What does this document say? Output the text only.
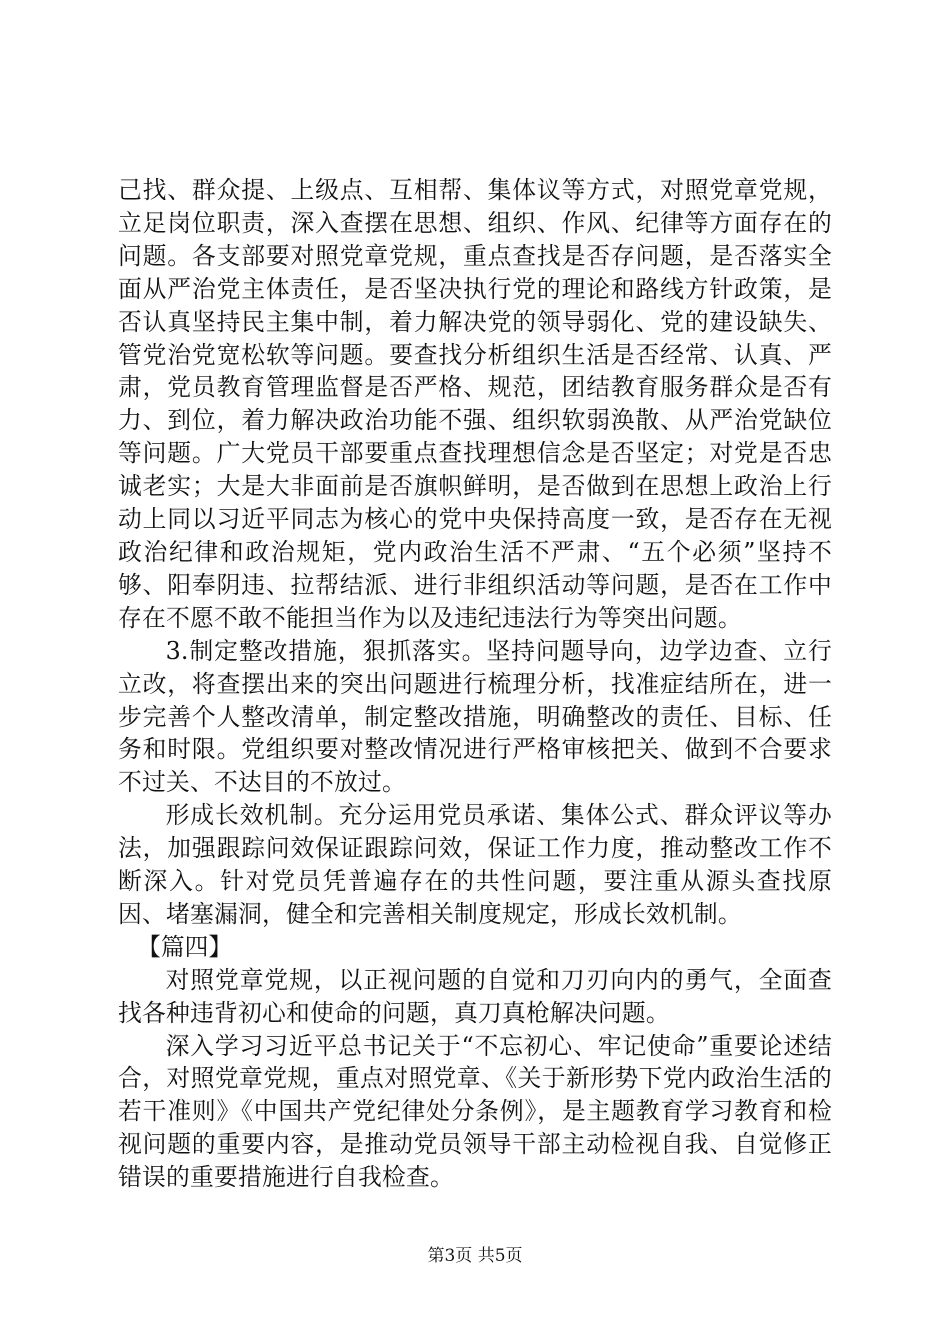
己找、群众提、上级点、互相帮、集体议等方式，对照党章党规，立足岗位职责，深入查摆在思想、组织、作风、纪律等方面存在的问题。各支部要对照党章党规，重点查找是否存问题，是否落实全面从严治党主体责任，是否坚决执行党的理论和路线方针政策，是否认真坚持民主集中制，着力解决党的领导弱化、党的建设缺失、管党治党宽松软等问题。要查找分析组织生活是否经常、认真、严肃，党员教育管理监督是否严格、规范，团结教育服务群众是否有力、到位，着力解决政治功能不强、组织软弱涣散、从严治党缺位等问题。广大党员干部要重点查找理想信念是否坚定；对党是否忠诚老实；大是大非面前是否旗帜鲜明，是否做到在思想上政治上行动上同以习近平同志为核心的党中央保持高度一致，是否存在无视政治纪律和政治规矩，党内政治生活不严肃、“五个必须”坚持不够、阳奉阴违、拉帮结派、进行非组织活动等问题，是否在工作中存在不愿不敢不能担当作为以及违纪违法行为等突出问题。

3.制定整改措施，狠抓落实。坚持问题导向，边学边查、立行立改，将查摆出来的突出问题进行梳理分析，找准症结所在，进一步完善个人整改清单，制定整改措施，明确整改的责任、目标、任务和时限。党组织要对整改情况进行严格审核把关、做到不合要求不过关、不达目的不放过。

形成长效机制。充分运用党员承诺、集体公式、群众评议等办法，加强跟踪问效保证跟踪问效，保证工作力度，推动整改工作不断深入。针对党员凭普遍存在的共性问题，要注重从源头查找原因、堵塞漏洞，健全和完善相关制度规定，形成长效机制。

【篇四】

对照党章党规，以正视问题的自觉和刀刃向内的勇气，全面查找各种违背初心和使命的问题，真刀真枪解决问题。

深入学习习近平总书记关于“不忘初心、牢记使命”重要论述结合，对照党章党规，重点对照党章、《关于新形势下党内政治生活的若干准则》《中国共产党纪律处分条例》，是主题教育学习教育和检视问题的重要内容，是推动党员领导干部主动检视自我、自觉修正错误的重要措施进行自我检查。

第3页 共5页
